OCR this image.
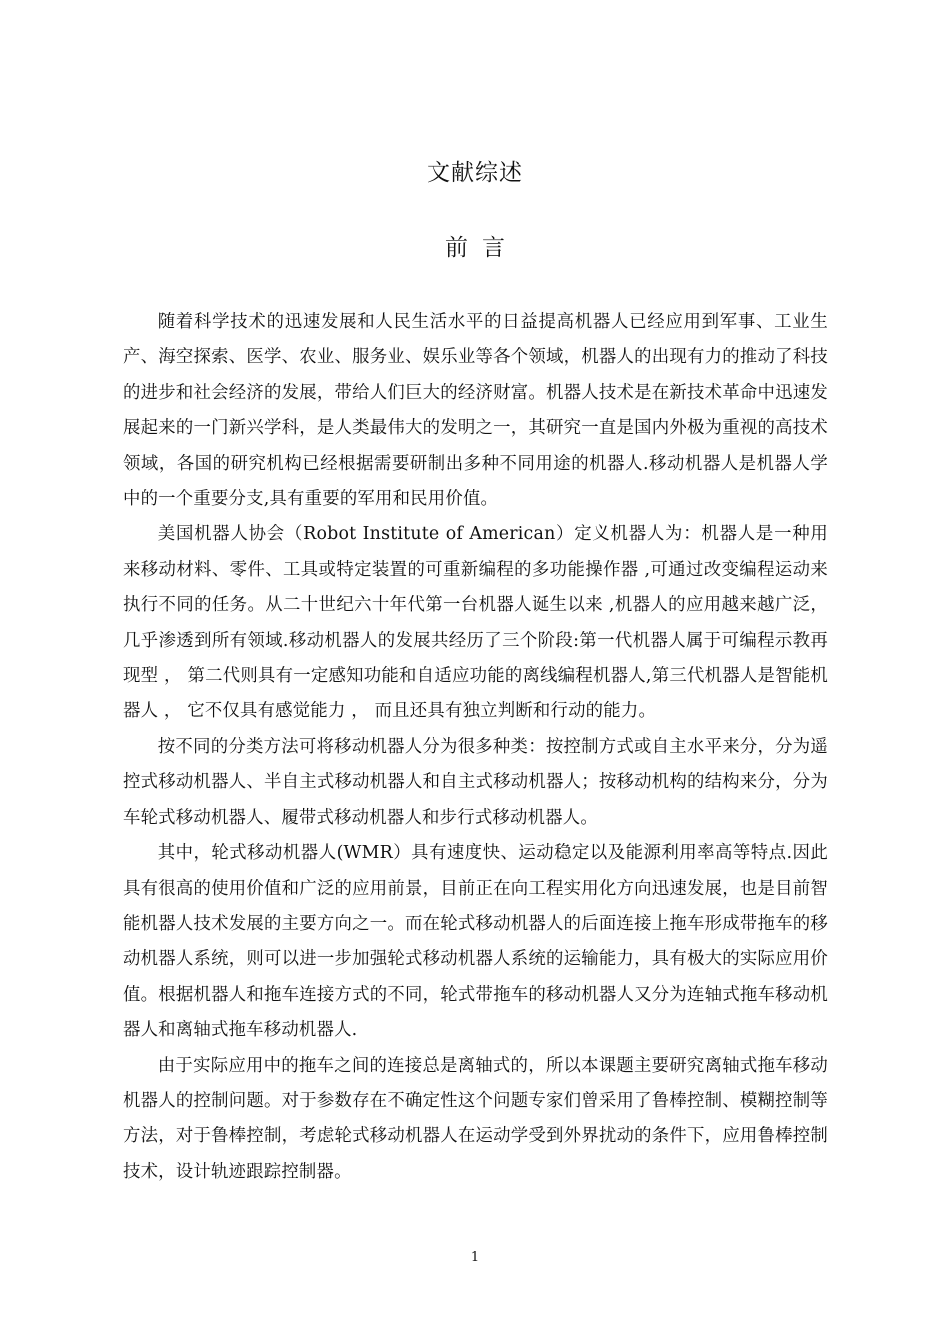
文献综述
前言

随着科学技术的迅速发展和人民生活水平的日益提高机器人已经应用到军事、工业生产、海空探索、医学、农业、服务业、娱乐业等各个领域，机器人的出现有力的推动了科技的进步和社会经济的发展，带给人们巨大的经济财富。机器人技术是在新技术革命中迅速发展起来的一门新兴学科，是人类最伟大的发明之一，其研究一直是国内外极为重视的高技术领域，各国的研究机构已经根据需要研制出多种不同用途的机器人.移动机器人是机器人学中的一个重要分支,具有重要的军用和民用价值。

美国机器人协会（Robot Institute of American）定义机器人为：机器人是一种用来移动材料、零件、工具或特定装置的可重新编程的多功能操作器 ,可通过改变编程运动来执行不同的任务。从二十世纪六十年代第一台机器人诞生以来 ,机器人的应用越来越广泛，几乎渗透到所有领域.移动机器人的发展共经历了三个阶段:第一代机器人属于可编程示教再现型 ， 第二代则具有一定感知功能和自适应功能的离线编程机器人,第三代机器人是智能机器人 ， 它不仅具有感觉能力 ， 而且还具有独立判断和行动的能力。

按不同的分类方法可将移动机器人分为很多种类：按控制方式或自主水平来分，分为遥控式移动机器人、半自主式移动机器人和自主式移动机器人；按移动机构的结构来分，分为车轮式移动机器人、履带式移动机器人和步行式移动机器人。

其中，轮式移动机器人(WMR）具有速度快、运动稳定以及能源利用率高等特点.因此具有很高的使用价值和广泛的应用前景，目前正在向工程实用化方向迅速发展，也是目前智能机器人技术发展的主要方向之一。而在轮式移动机器人的后面连接上拖车形成带拖车的移动机器人系统，则可以进一步加强轮式移动机器人系统的运输能力，具有极大的实际应用价值。根据机器人和拖车连接方式的不同，轮式带拖车的移动机器人又分为连轴式拖车移动机器人和离轴式拖车移动机器人.

由于实际应用中的拖车之间的连接总是离轴式的，所以本课题主要研究离轴式拖车移动机器人的控制问题。对于参数存在不确定性这个问题专家们曾采用了鲁棒控制、模糊控制等方法，对于鲁棒控制，考虑轮式移动机器人在运动学受到外界扰动的条件下，应用鲁棒控制技术，设计轨迹跟踪控制器。

1
